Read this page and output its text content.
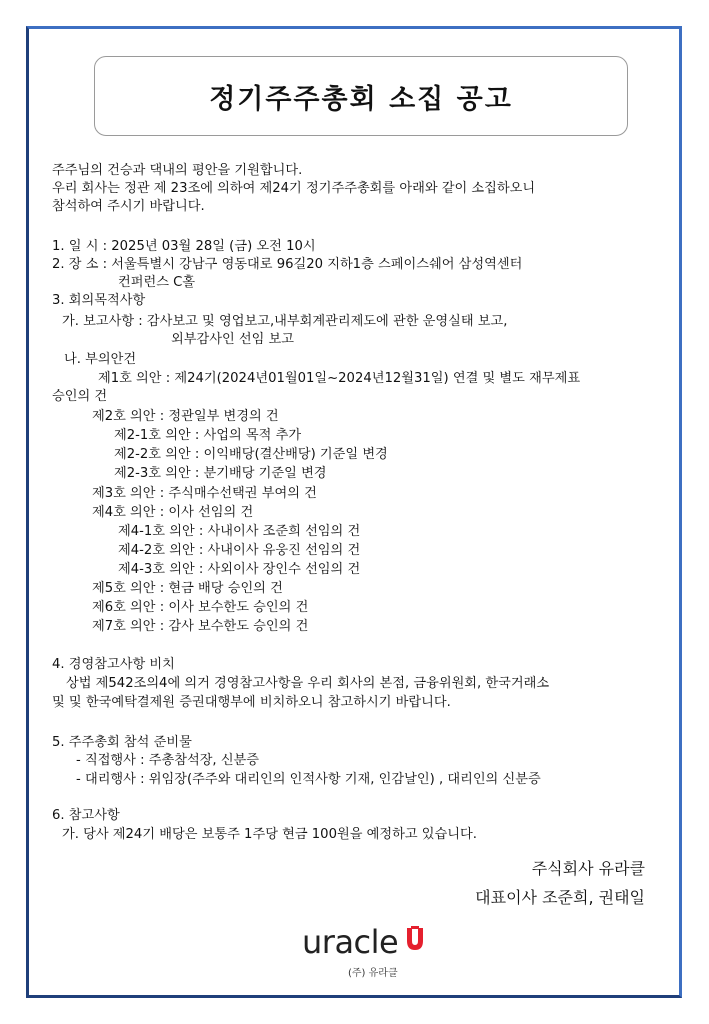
정기주주총회 소집 공고
주주님의 건승과 댁내의 평안을 기원합니다.
우리 회사는 정관 제 23조에 의하여 제24기 정기주주총회를 아래와 같이 소집하오니
참석하여 주시기 바랍니다.
1. 일 시 : 2025년 03월 28일 (금) 오전 10시
2. 장 소 : 서울특별시 강남구 영동대로 96길20 지하1층 스페이스쉐어 삼성역센터
컨퍼런스 C홀
3. 회의목적사항
가. 보고사항 : 감사보고 및 영업보고,내부회계관리제도에 관한 운영실태 보고,
외부감사인 선임 보고
나. 부의안건
제1호 의안 : 제24기(2024년01월01일~2024년12월31일) 연결 및 별도 재무제표
승인의 건
제2호 의안 : 정관일부 변경의 건
제2-1호 의안 : 사업의 목적 추가
제2-2호 의안 : 이익배당(결산배당) 기준일 변경
제2-3호 의안 : 분기배당 기준일 변경
제3호 의안 : 주식매수선택권 부여의 건
제4호 의안 : 이사 선임의 건
제4-1호 의안 : 사내이사 조준희 선임의 건
제4-2호 의안 : 사내이사 유웅진 선임의 건
제4-3호 의안 : 사외이사 장인수 선임의 건
제5호 의안 : 현금 배당 승인의 건
제6호 의안 : 이사 보수한도 승인의 건
제7호 의안 : 감사 보수한도 승인의 건
4. 경영참고사항 비치
상법 제542조의4에 의거 경영참고사항을 우리 회사의 본점, 금융위원회, 한국거래소
및 및 한국예탁결제원 증권대행부에 비치하오니 참고하시기 바랍니다.
5. 주주총회 참석 준비물
- 직접행사 : 주총참석장, 신분증
- 대리행사 : 위임장(주주와 대리인의 인적사항 기재, 인감날인) , 대리인의 신분증
6. 참고사항
가. 당사 제24기 배당은 보통주 1주당 현금 100원을 예정하고 있습니다.
주식회사 유라클
대표이사 조준희, 권태일
uracle
(주) 유라클
